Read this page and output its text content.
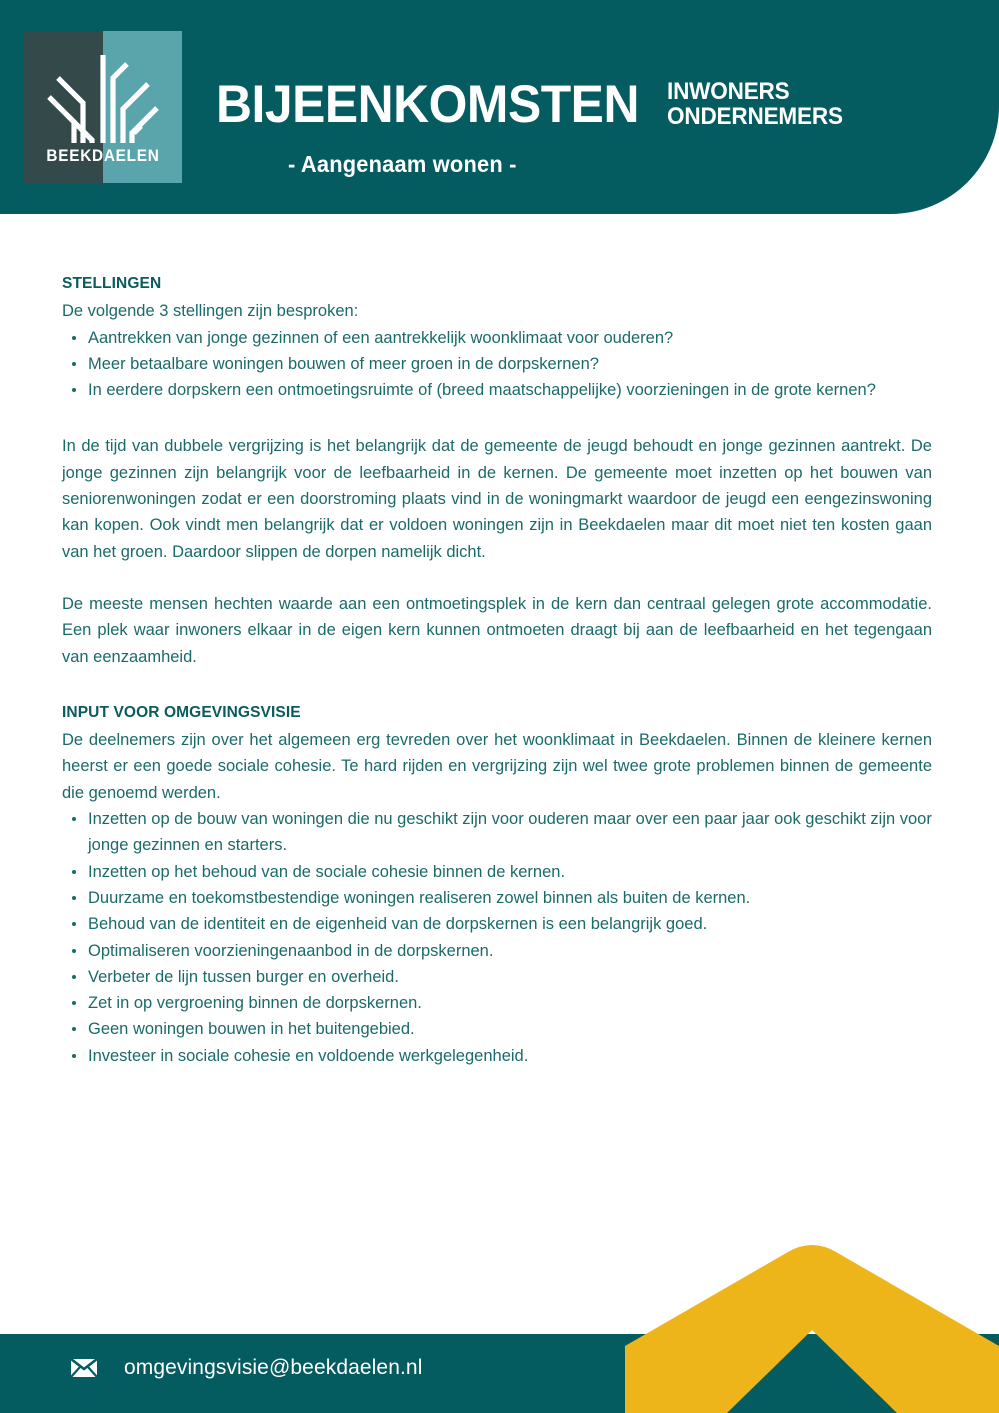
BEEKDAELEN
BIJEENKOMSTEN INWONERS
ONDERNEMERS
- Aangenaam wonen -
STELLINGEN

De volgende 3 stellingen zijn besproken:

Aantrekken van jonge gezinnen of een aantrekkelijk woonklimaat voor ouderen?
Meer betaalbare woningen bouwen of meer groen in de dorpskernen?
In eerdere dorpskern een ontmoetingsruimte of (breed maatschappelijke) voorzieningen in de grote kernen?

In de tijd van dubbele vergrijzing is het belangrijk dat de gemeente de jeugd behoudt en jonge gezinnen aantrekt. De jonge gezinnen zijn belangrijk voor de leefbaarheid in de kernen. De gemeente moet inzetten op het bouwen van seniorenwoningen zodat er een doorstroming plaats vind in de woningmarkt waardoor de jeugd een eengezinswoning kan kopen. Ook vindt men belangrijk dat er voldoen woningen zijn in Beekdaelen maar dit moet niet ten kosten gaan van het groen. Daardoor slippen de dorpen namelijk dicht.

De meeste mensen hechten waarde aan een ontmoetingsplek in de kern dan centraal gelegen grote accommodatie. Een plek waar inwoners elkaar in de eigen kern kunnen ontmoeten draagt bij aan de leefbaarheid en het tegengaan van eenzaamheid.

INPUT VOOR OMGEVINGSVISIE

De deelnemers zijn over het algemeen erg tevreden over het woonklimaat in Beekdaelen. Binnen de kleinere kernen heerst er een goede sociale cohesie. Te hard rijden en vergrijzing zijn wel twee grote problemen binnen de gemeente die genoemd werden.

Inzetten op de bouw van woningen die nu geschikt zijn voor ouderen maar over een paar jaar ook geschikt zijn voor jonge gezinnen en starters.
Inzetten op het behoud van de sociale cohesie binnen de kernen.
Duurzame en toekomstbestendige woningen realiseren zowel binnen als buiten de kernen.
Behoud van de identiteit en de eigenheid van de dorpskernen is een belangrijk goed.
Optimaliseren voorzieningenaanbod in de dorpskernen.
Verbeter de lijn tussen burger en overheid.
Zet in op vergroening binnen de dorpskernen.
Geen woningen bouwen in het buitengebied.
Investeer in sociale cohesie en voldoende werkgelegenheid.
omgevingsvisie@beekdaelen.nl
